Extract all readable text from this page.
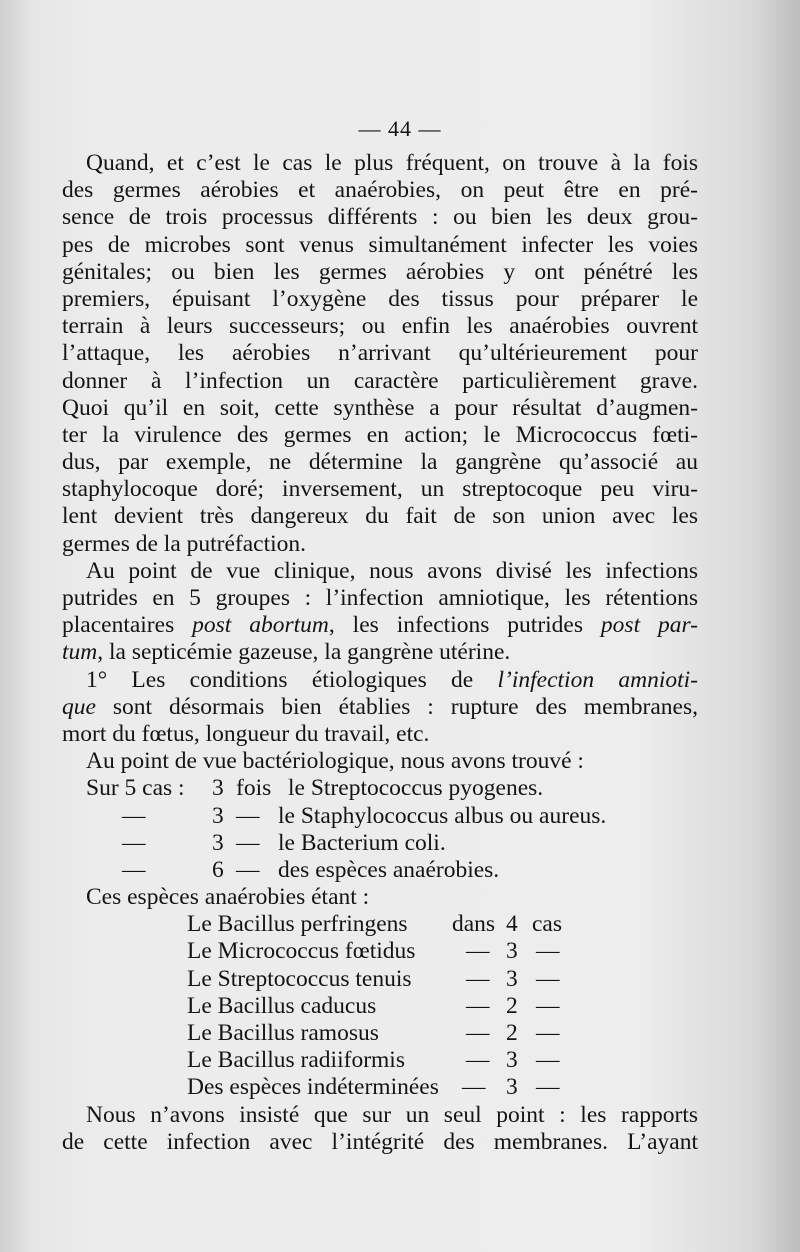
— 44 —
Quand, et c’est le cas le plus fréquent, on trouve à la fois
des germes aérobies et anaérobies, on peut être en pré-
sence de trois processus différents : ou bien les deux grou-
pes de microbes sont venus simultanément infecter les voies
génitales; ou bien les germes aérobies y ont pénétré les
premiers, épuisant l’oxygène des tissus pour préparer le
terrain à leurs successeurs; ou enfin les anaérobies ouvrent
l’attaque, les aérobies n’arrivant qu’ultérieurement pour
donner à l’infection un caractère particulièrement grave.
Quoi qu’il en soit, cette synthèse a pour résultat d’augmen-
ter la virulence des germes en action; le Micrococcus fœti-
dus, par exemple, ne détermine la gangrène qu’associé au
staphylocoque doré; inversement, un streptocoque peu viru-
lent devient très dangereux du fait de son union avec les
germes de la putréfaction.
Au point de vue clinique, nous avons divisé les infections
putrides en 5 groupes : l’infection amniotique, les rétentions
placentaires post abortum, les infections putrides post par-
tum, la septicémie gazeuse, la gangrène utérine.
1° Les conditions étiologiques de l’infection amnioti-
que sont désormais bien établies : rupture des membranes,
mort du fœtus, longueur du travail, etc.
Au point de vue bactériologique, nous avons trouvé :
Sur 5 cas : 3 fois le Streptococcus pyogenes.
—	3 — le Staphylococcus albus ou aureus.
—	3 — le Bacterium coli.
—	6 — des espèces anaérobies.
Ces espèces anaérobies étant :
Le Bacillus perfringens dans 4 cas
Le Micrococcus fœtidus — 3 —
Le Streptococcus tenuis — 3 —
Le Bacillus caducus	— 2 —
Le Bacillus ramosus	— 2 —
Le Bacillus radiiformis	— 3 —
Des espèces indéterminées — 3 —
Nous n’avons insisté que sur un seul point : les rapports
de cette infection avec l’intégrité des membranes. L’ayant
